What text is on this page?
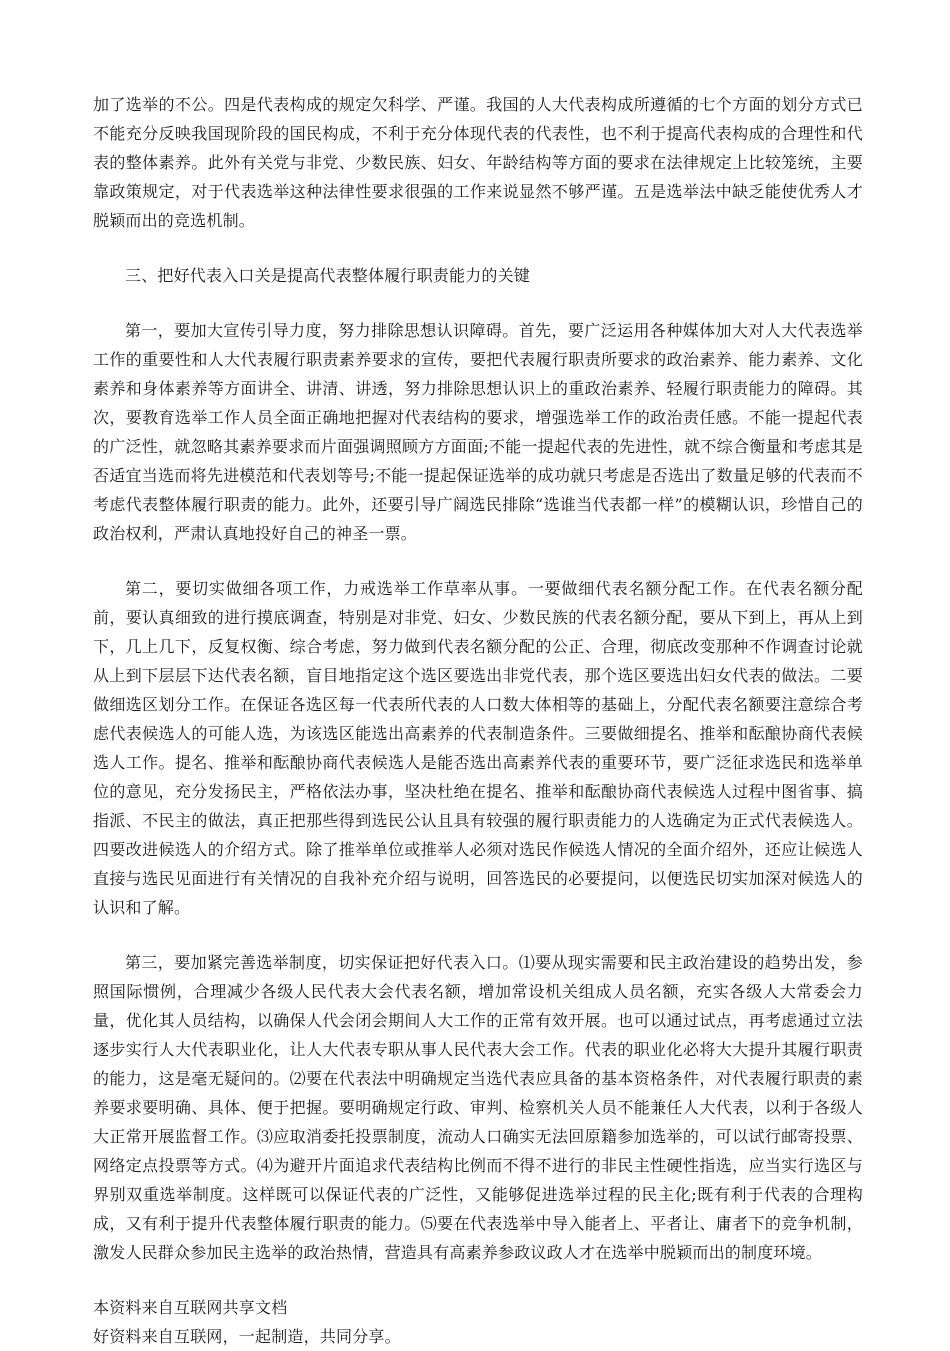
加了选举的不公。四是代表构成的规定欠科学、严谨。我国的人大代表构成所遵循的七个方面的划分方式已不能充分反映我国现阶段的国民构成，不利于充分体现代表的代表性，也不利于提高代表构成的合理性和代表的整体素养。此外有关党与非党、少数民族、妇女、年龄结构等方面的要求在法律规定上比较笼统，主要靠政策规定，对于代表选举这种法律性要求很强的工作来说显然不够严谨。五是选举法中缺乏能使优秀人才脱颖而出的竞选机制。

三、把好代表入口关是提高代表整体履行职责能力的关键

第一，要加大宣传引导力度，努力排除思想认识障碍。首先，要广泛运用各种媒体加大对人大代表选举工作的重要性和人大代表履行职责素养要求的宣传，要把代表履行职责所要求的政治素养、能力素养、文化素养和身体素养等方面讲全、讲清、讲透，努力排除思想认识上的重政治素养、轻履行职责能力的障碍。其次，要教育选举工作人员全面正确地把握对代表结构的要求，增强选举工作的政治责任感。不能一提起代表的广泛性，就忽略其素养要求而片面强调照顾方方面面;不能一提起代表的先进性，就不综合衡量和考虑其是否适宜当选而将先进模范和代表划等号;不能一提起保证选举的成功就只考虑是否选出了数量足够的代表而不考虑代表整体履行职责的能力。此外，还要引导广阔选民排除“选谁当代表都一样”的模糊认识，珍惜自己的政治权利，严肃认真地投好自己的神圣一票。

第二，要切实做细各项工作，力戒选举工作草率从事。一要做细代表名额分配工作。在代表名额分配前，要认真细致的进行摸底调查，特别是对非党、妇女、少数民族的代表名额分配，要从下到上，再从上到下，几上几下，反复权衡、综合考虑，努力做到代表名额分配的公正、合理，彻底改变那种不作调查讨论就从上到下层层下达代表名额，盲目地指定这个选区要选出非党代表，那个选区要选出妇女代表的做法。二要做细选区划分工作。在保证各选区每一代表所代表的人口数大体相等的基础上，分配代表名额要注意综合考虑代表候选人的可能人选，为该选区能选出高素养的代表制造条件。三要做细提名、推举和酝酿协商代表候选人工作。提名、推举和酝酿协商代表候选人是能否选出高素养代表的重要环节，要广泛征求选民和选举单位的意见，充分发扬民主，严格依法办事，坚决杜绝在提名、推举和酝酿协商代表候选人过程中图省事、搞指派、不民主的做法，真正把那些得到选民公认且具有较强的履行职责能力的人选确定为正式代表候选人。四要改进候选人的介绍方式。除了推举单位或推举人必须对选民作候选人情况的全面介绍外，还应让候选人直接与选民见面进行有关情况的自我补充介绍与说明，回答选民的必要提问，以便选民切实加深对候选人的认识和了解。

第三，要加紧完善选举制度，切实保证把好代表入口。⑴要从现实需要和民主政治建设的趋势出发，参照国际惯例，合理减少各级人民代表大会代表名额，增加常设机关组成人员名额，充实各级人大常委会力量，优化其人员结构，以确保人代会闭会期间人大工作的正常有效开展。也可以通过试点，再考虑通过立法逐步实行人大代表职业化，让人大代表专职从事人民代表大会工作。代表的职业化必将大大提升其履行职责的能力，这是毫无疑问的。⑵要在代表法中明确规定当选代表应具备的基本资格条件，对代表履行职责的素养要求要明确、具体、便于把握。要明确规定行政、审判、检察机关人员不能兼任人大代表，以利于各级人大正常开展监督工作。⑶应取消委托投票制度，流动人口确实无法回原籍参加选举的，可以试行邮寄投票、网络定点投票等方式。⑷为避开片面追求代表结构比例而不得不进行的非民主性硬性指选，应当实行选区与界别双重选举制度。这样既可以保证代表的广泛性，又能够促进选举过程的民主化;既有利于代表的合理构成，又有利于提升代表整体履行职责的能力。⑸要在代表选举中导入能者上、平者让、庸者下的竞争机制，激发人民群众参加民主选举的政治热情，营造具有高素养参政议政人才在选举中脱颖而出的制度环境。

本资料来自互联网共享文档

好资料来自互联网，一起制造，共同分享。
